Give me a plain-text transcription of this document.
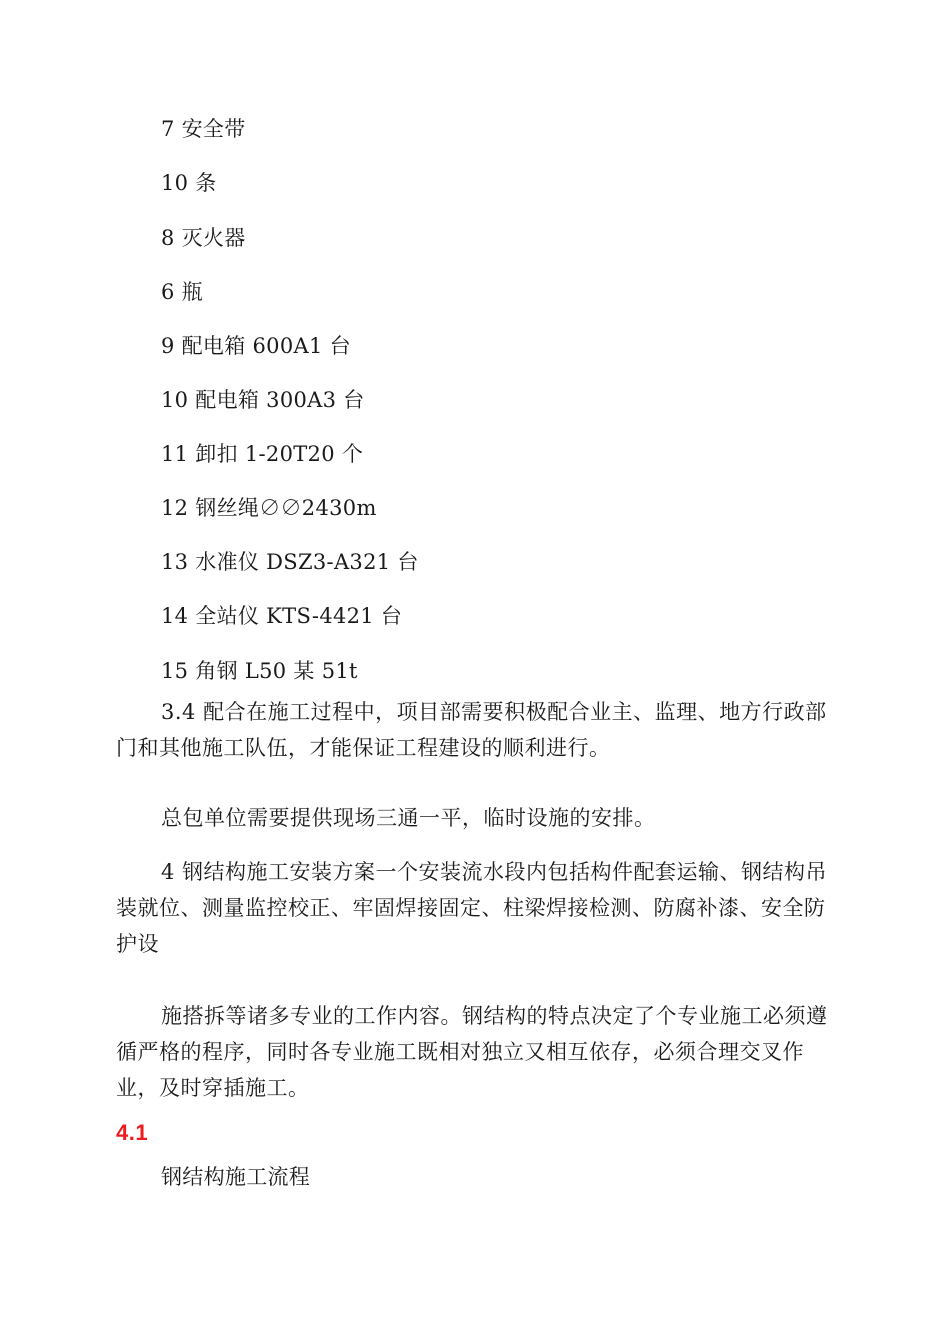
7 安全带
10 条
8 灭火器
6 瓶
9 配电箱 600A1 台
10 配电箱 300A3 台
11 卸扣 1-20T20 个
12 钢丝绳∅∅2430m
13 水准仪 DSZ3-A321 台
14 全站仪 KTS-4421 台
15 角钢 L50 某 51t

3.4 配合在施工过程中，项目部需要积极配合业主、监理、地方行政部门和其他施工队伍，才能保证工程建设的顺利进行。

总包单位需要提供现场三通一平，临时设施的安排。

4 钢结构施工安装方案一个安装流水段内包括构件配套运输、钢结构吊装就位、测量监控校正、牢固焊接固定、柱梁焊接检测、防腐补漆、安全防护设

施搭拆等诸多专业的工作内容。钢结构的特点决定了个专业施工必须遵循严格的程序，同时各专业施工既相对独立又相互依存，必须合理交叉作业，及时穿插施工。

4.1
钢结构施工流程
